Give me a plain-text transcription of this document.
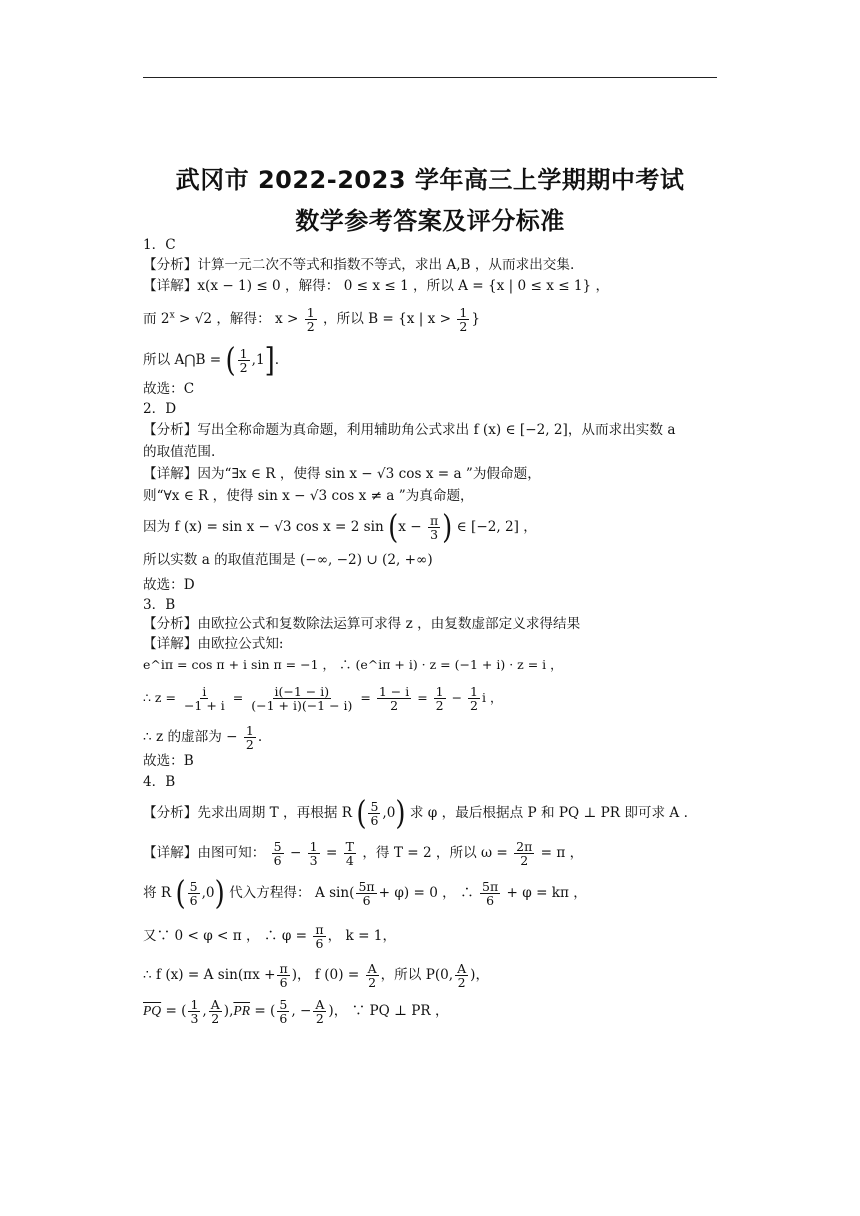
武冈市 2022-2023 学年高三上学期期中考试
数学参考答案及评分标准
1．C
【分析】计算一元二次不等式和指数不等式，求出 A,B ，从而求出交集.
【详解】x(x − 1) ≤ 0 ，解得： 0 ≤ x ≤ 1 ，所以 A = {x | 0 ≤ x ≤ 1} ，
而 $2^x > √2$ ，解得： $x > \frac{1}{2}$ ，所以 B = {x | $x > \frac{1}{2}$ }
所以 A⋂B = ( $\frac{1}{2} ,1$].
故选：C
2．D
【分析】写出全称命题为真命题，利用辅助角公式求出 f (x) ∈ [−2, 2]，从而求出实数 a
的取值范围.
【详解】因为“∃x ∈ R ，使得 sin x − √3 cos x = a ”为假命题，
则“∀x ∈ R ，使得 sin x − √3 cos x ≠ a ”为真命题，
因为 f (x) = sin x − √3 cos x = 2 $\sin (x - \frac{\pi}{3}$ ) ∈ [−2, 2] ，
所以实数 a 的取值范围是 (−∞, −2) ∪ (2, +∞)
故选：D
3．B
【分析】由欧拉公式和复数除法运算可求得 z ，由复数虚部定义求得结果
【详解】由欧拉公式知:
e^iπ = cos π + i sin π = −1 ， ∴ (e^iπ + i) · z = (−1 + i) · z = i ，
∴ $z = \frac{i}{-1 + i} = \frac{i(-1 - i)}{(-1 + i)(-1 - i)} = \frac{1 - i}{2} = \frac{1}{2} - \frac{1}{2}$ i ，
∴ z 的虚部为 − $\frac{1}{2}$ .
故选：B
4．B
【分析】先求出周期 T ，再根据 R ( $\frac{5}{6} ,0$) 求 φ ，最后根据点 P 和 PQ ⊥ PR 即可求 A .
【详解】由图可知： $\frac{5}{6} - \frac{1}{3} = \frac{T}{4}$ ，得 T = 2 ，所以 $\omega = \frac{2\pi}{2} = \pi$ ，
将 R ( $\frac{5}{6} ,0$) 代入方程得： A $\sin( \frac{5\pi}{6} + \varphi) = 0$ ， ∴ $\frac{5\pi}{6} + \varphi = k\pi$ ，
又∵ 0 < φ < π ， ∴ $\varphi = \frac{\pi}{6}$ ， k = 1，
∴ f (x) = A $\sin(\pi x + \frac{\pi}{6}$ )， f $(0) = \frac{A}{2}$ ，所以 P(0, $\frac{A}{2}$ )，
$\overline{PQ}$ = ( $\frac{1}{3}$ , $\frac{A}{2} ),\overline{PR}$ = ( $\frac{5}{6}$ , − $\frac{A}{2}$ )， ∵ PQ ⊥ PR ，
